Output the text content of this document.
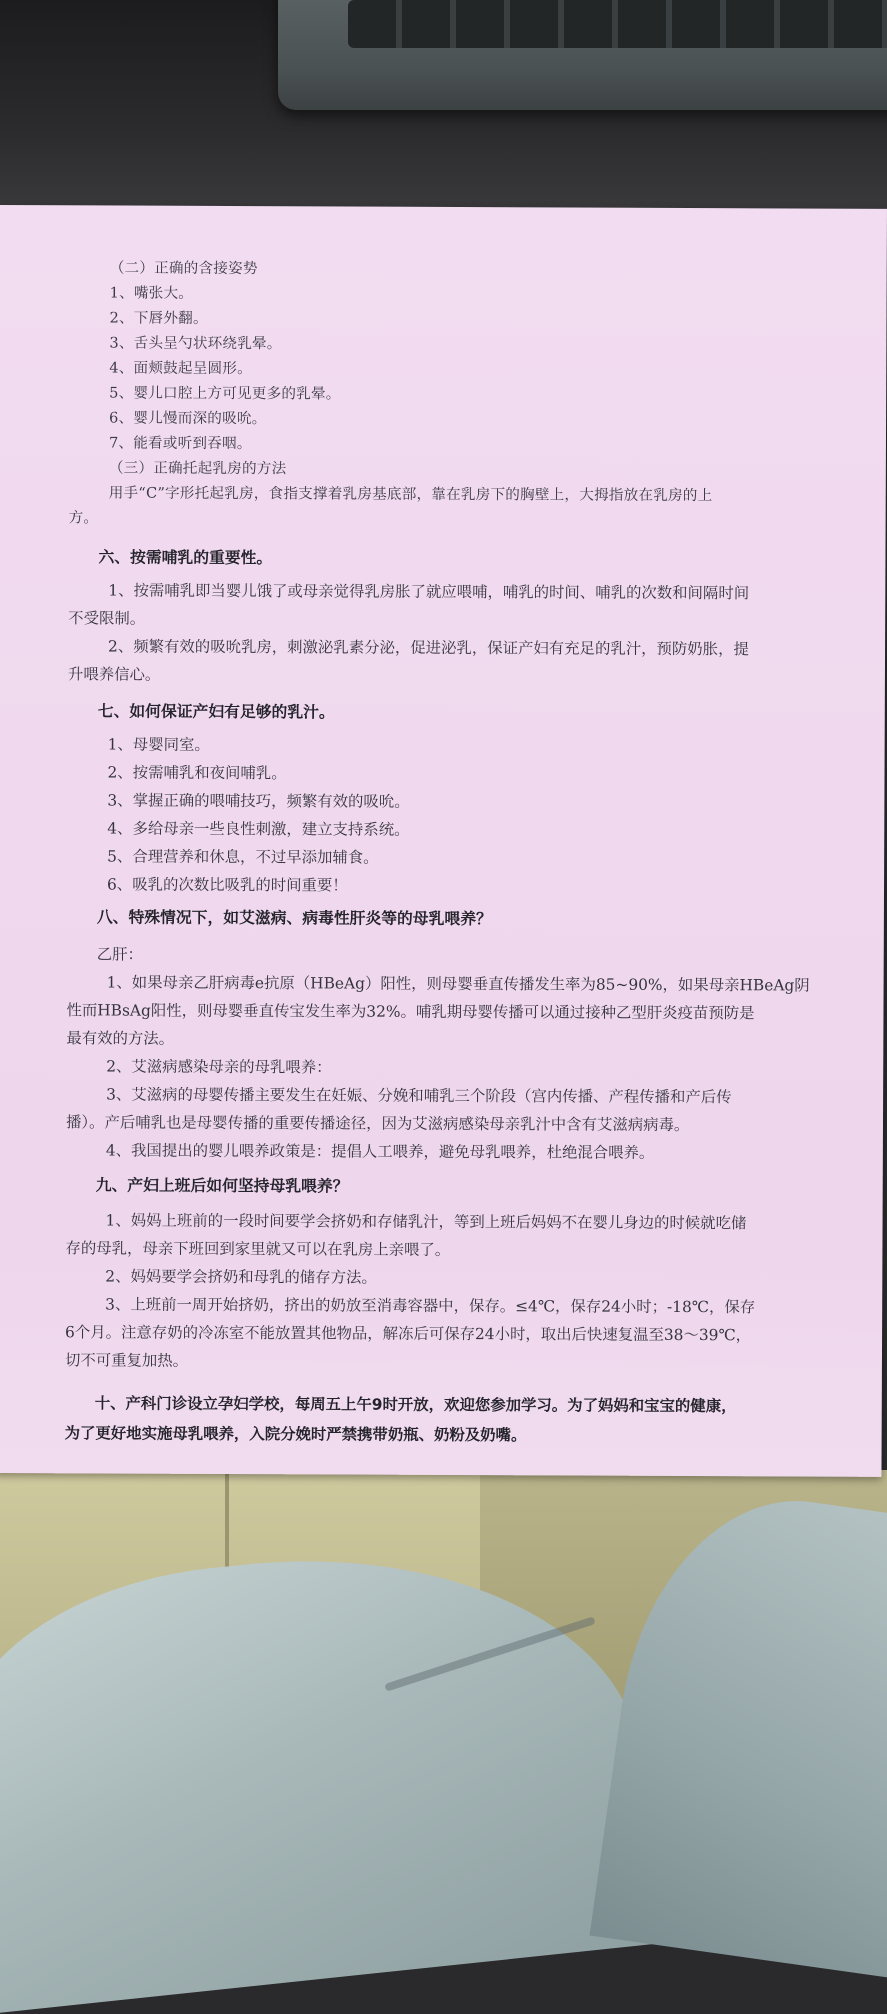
（二）正确的含接姿势
1、嘴张大。
2、下唇外翻。
3、舌头呈勺状环绕乳晕。
4、面颊鼓起呈圆形。
5、婴儿口腔上方可见更多的乳晕。
6、婴儿慢而深的吸吮。
7、能看或听到吞咽。
（三）正确托起乳房的方法
用手“C”字形托起乳房，食指支撑着乳房基底部，靠在乳房下的胸壁上，大拇指放在乳房的上
方。
六、按需哺乳的重要性。
1、按需哺乳即当婴儿饿了或母亲觉得乳房胀了就应喂哺，哺乳的时间、哺乳的次数和间隔时间
不受限制。
2、频繁有效的吸吮乳房，刺激泌乳素分泌，促进泌乳，保证产妇有充足的乳汁，预防奶胀，提
升喂养信心。
七、如何保证产妇有足够的乳汁。
1、母婴同室。
2、按需哺乳和夜间哺乳。
3、掌握正确的喂哺技巧，频繁有效的吸吮。
4、多给母亲一些良性刺激，建立支持系统。
5、合理营养和休息，不过早添加辅食。
6、吸乳的次数比吸乳的时间重要！
八、特殊情况下，如艾滋病、病毒性肝炎等的母乳喂养？
乙肝：
1、如果母亲乙肝病毒e抗原（HBeAg）阳性，则母婴垂直传播发生率为85~90%，如果母亲HBeAg阴
性而HBsAg阳性，则母婴垂直传宝发生率为32%。哺乳期母婴传播可以通过接种乙型肝炎疫苗预防是
最有效的方法。
2、艾滋病感染母亲的母乳喂养：
3、艾滋病的母婴传播主要发生在妊娠、分娩和哺乳三个阶段（宫内传播、产程传播和产后传
播）。产后哺乳也是母婴传播的重要传播途径，因为艾滋病感染母亲乳汁中含有艾滋病病毒。
4、我国提出的婴儿喂养政策是：提倡人工喂养，避免母乳喂养，杜绝混合喂养。
九、产妇上班后如何坚持母乳喂养？
1、妈妈上班前的一段时间要学会挤奶和存储乳汁，等到上班后妈妈不在婴儿身边的时候就吃储
存的母乳，母亲下班回到家里就又可以在乳房上亲喂了。
2、妈妈要学会挤奶和母乳的储存方法。
3、上班前一周开始挤奶，挤出的奶放至消毒容器中，保存。≤4℃，保存24小时；-18℃，保存
6个月。注意存奶的冷冻室不能放置其他物品，解冻后可保存24小时，取出后快速复温至38～39℃，
切不可重复加热。
十、产科门诊设立孕妇学校，每周五上午9时开放，欢迎您参加学习。为了妈妈和宝宝的健康，
为了更好地实施母乳喂养，入院分娩时严禁携带奶瓶、奶粉及奶嘴。
